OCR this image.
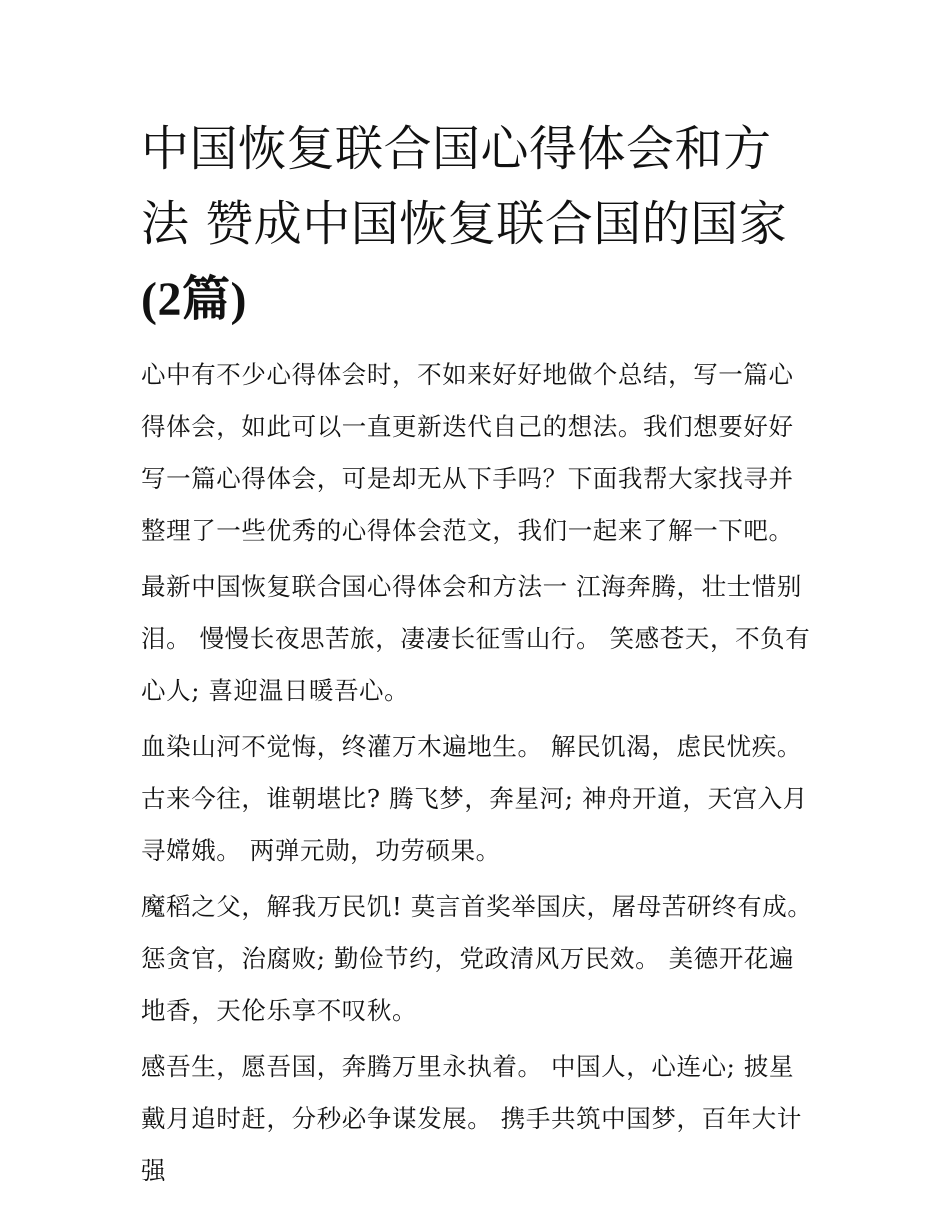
中国恢复联合国心得体会和方法 赞成中国恢复联合国的国家(2篇)

心中有不少心得体会时，不如来好好地做个总结，写一篇心得体会，如此可以一直更新迭代自己的想法。我们想要好好写一篇心得体会，可是却无从下手吗？下面我帮大家找寻并整理了一些优秀的心得体会范文，我们一起来了解一下吧。

最新中国恢复联合国心得体会和方法一 江海奔腾，壮士惜别泪。 慢慢长夜思苦旅，凄凄长征雪山行。 笑感苍天，不负有心人; 喜迎温日暖吾心。

血染山河不觉悔，终灌万木遍地生。 解民饥渴，虑民忧疾。古来今往，谁朝堪比? 腾飞梦，奔星河; 神舟开道，天宫入月寻嫦娥。 两弹元勋，功劳硕果。

魔稻之父，解我万民饥! 莫言首奖举国庆，屠母苦研终有成。惩贪官，治腐败; 勤俭节约，党政清风万民效。 美德开花遍地香，天伦乐享不叹秋。

感吾生，愿吾国，奔腾万里永执着。 中国人，心连心; 披星戴月追时赶，分秒必争谋发展。 携手共筑中国梦，百年大计强
